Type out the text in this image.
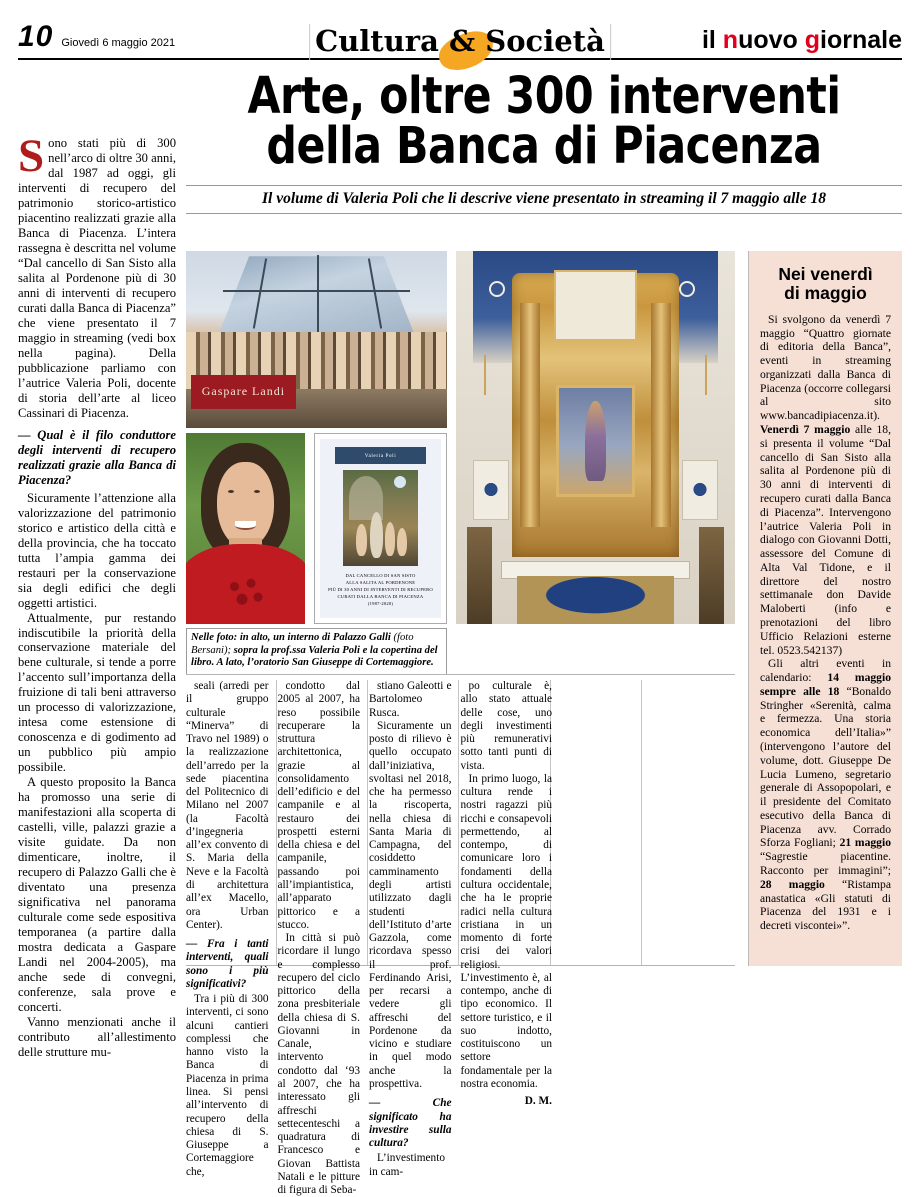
10 Giovedì 6 maggio 2021	Cultura & Società	il nuovo giornale
Arte, oltre 300 interventi
della Banca di Piacenza
Il volume di Valeria Poli che li descrive viene presentato in streaming il 7 maggio alle 18

Sono stati più di 300 nell’arco di oltre 30 anni, dal 1987 ad oggi, gli interventi di recupero del patrimonio storico-artistico piacentino realizzati grazie alla Banca di Piacenza. L’intera rassegna è descritta nel volume “Dal cancello di San Sisto alla salita al Pordenone più di 30 anni di interventi di recupero curati dalla Banca di Piacenza” che viene presentato il 7 maggio in streaming (vedi box nella pagina). Della pubblicazione parliamo con l’autrice Valeria Poli, docente di storia dell’arte al liceo Cassinari di Piacenza.

— Qual è il filo conduttore degli interventi di recupero realizzati grazie alla Banca di Piacenza?

Sicuramente l’attenzione alla valorizzazione del patrimonio storico e artistico della città e della provincia, che ha toccato tutta l’ampia gamma dei restauri per la conservazione sia degli edifici che degli oggetti artistici.

Attualmente, pur restando indiscutibile la priorità della conservazione materiale del bene culturale, si tende a porre l’accento sull’importanza della fruizione di tali beni attraverso un processo di valorizzazione, intesa come estensione di conoscenza e di godimento ad un pubblico più ampio possibile.

A questo proposito la Banca ha promosso una serie di manifestazioni alla scoperta di castelli, ville, palazzi grazie a visite guidate. Da non dimenticare, inoltre, il recupero di Palazzo Galli che è diventato una presenza significativa nel panorama culturale come sede espositiva temporanea (a partire dalla mostra dedicata a Gaspare Landi nel 2004-2005), ma anche sede di convegni, conferenze, sala prove e concerti.

Vanno menzionati anche il contributo all’allestimento delle strutture mu-

Gaspare Landi
Valeria Poli
DAL CANCELLO DI SAN SISTO
ALLA SALITA AL PORDENONE
PIÙ DI 30 ANNI DI INTERVENTI DI RECUPERO
CURATI DALLA BANCA DI PIACENZA
(1987-2020)
Nelle foto: in alto, un interno di Palazzo Galli (foto Bersani); sopra la prof.ssa Valeria Poli e la copertina del libro. A lato, l’oratorio San Giuseppe di Cortemaggiore.

seali (arredi per il gruppo culturale “Minerva” di Travo nel 1989) o la realizzazione dell’arredo per la sede piacentina del Politecnico di Milano nel 2007 (la Facoltà d’ingegneria all’ex convento di S. Maria della Neve e la Facoltà di architettura all’ex Macello, ora Urban Center).

— Fra i tanti interventi, quali sono i più significativi?

Tra i più di 300 interventi, ci sono alcuni cantieri complessi che hanno visto la Banca di Piacenza in prima linea. Si pensi all’intervento di recupero della chiesa di S. Giuseppe a Cortemaggiore che,

condotto dal 2005 al 2007, ha reso possibile recuperare la struttura architettonica, grazie al consolidamento dell’edificio e del campanile e al restauro dei prospetti esterni della chiesa e del campanile, passando poi all’impiantistica, all’apparato pittorico e a stucco.

In città si può ricordare il lungo e complesso recupero del ciclo pittorico della zona presbiteriale della chiesa di S. Giovanni in Canale, intervento condotto dal ‘93 al 2007, che ha interessato gli affreschi settecenteschi a quadratura di Francesco e Giovan Battista Natali e le pitture di figura di Seba-

stiano Galeotti e Bartolomeo Rusca.

Sicuramente un posto di rilievo è quello occupato dall’iniziativa, svoltasi nel 2018, che ha permesso la riscoperta, nella chiesa di Santa Maria di Campagna, del cosiddetto camminamento degli artisti utilizzato dagli studenti dell’Istituto d’arte Gazzola, come ricordava spesso il prof. Ferdinando Arisi, per recarsi a vedere gli affreschi del Pordenone da vicino e studiare in quel modo anche la prospettiva.

— Che significato ha investire sulla cultura?

L’investimento in cam-

po culturale è, allo stato attuale delle cose, uno degli investimenti più remunerativi sotto tanti punti di vista.

In primo luogo, la cultura rende i nostri ragazzi più ricchi e consapevoli permettendo, al contempo, di comunicare loro i fondamenti della cultura occidentale, che ha le proprie radici nella cultura cristiana in un momento di forte crisi dei valori religiosi. L’investimento è, al contempo, anche di tipo economico. Il settore turistico, e il suo indotto, costituiscono un settore fondamentale per la nostra economia.

D. M.

Nei venerdì
di maggio

Si svolgono da venerdì 7 maggio “Quattro giornate di editoria della Banca”, eventi in streaming organizzati dalla Banca di Piacenza (occorre collegarsi al sito www.bancadipiacenza.it). Venerdì 7 maggio alle 18, si presenta il volume “Dal cancello di San Sisto alla salita al Pordenone più di 30 anni di interventi di recupero curati dalla Banca di Piacenza”. Intervengono l’autrice Valeria Poli in dialogo con Giovanni Dotti, assessore del Comune di Alta Val Tidone, e il direttore del nostro settimanale don Davide Maloberti (info e prenotazioni del libro Ufficio Relazioni esterne tel. 0523.542137)

Gli altri eventi in calendario: 14 maggio sempre alle 18 “Bonaldo Stringher «Serenità, calma e fermezza. Una storia economica dell’Italia»” (intervengono l’autore del volume, dott. Giuseppe De Lucia Lumeno, segretario generale di Assopopolari, e il presidente del Comitato esecutivo della Banca di Piacenza avv. Corrado Sforza Fogliani; 21 maggio “Sagrestie piacentine. Racconto per immagini”; 28 maggio “Ristampa anastatica «Gli statuti di Piacenza del 1931 e i decreti viscontei»”.
